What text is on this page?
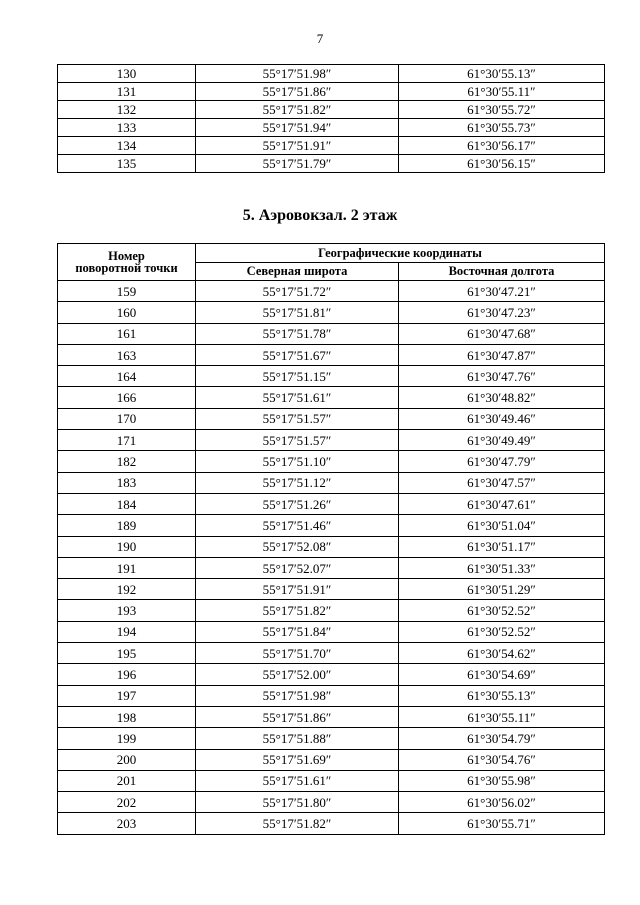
7
130	55°17′51.98″	61°30′55.13″
131	55°17′51.86″	61°30′55.11″
132	55°17′51.82″	61°30′55.72″
133	55°17′51.94″	61°30′55.73″
134	55°17′51.91″	61°30′56.17″
135	55°17′51.79″	61°30′56.15″
5. Аэровокзал. 2 этаж
Номер
поворотной точки	Географические координаты	
	Северная широта	Восточная долгота
159	55°17′51.72″	61°30′47.21″
160	55°17′51.81″	61°30′47.23″
161	55°17′51.78″	61°30′47.68″
163	55°17′51.67″	61°30′47.87″
164	55°17′51.15″	61°30′47.76″
166	55°17′51.61″	61°30′48.82″
170	55°17′51.57″	61°30′49.46″
171	55°17′51.57″	61°30′49.49″
182	55°17′51.10″	61°30′47.79″
183	55°17′51.12″	61°30′47.57″
184	55°17′51.26″	61°30′47.61″
189	55°17′51.46″	61°30′51.04″
190	55°17′52.08″	61°30′51.17″
191	55°17′52.07″	61°30′51.33″
192	55°17′51.91″	61°30′51.29″
193	55°17′51.82″	61°30′52.52″
194	55°17′51.84″	61°30′52.52″
195	55°17′51.70″	61°30′54.62″
196	55°17′52.00″	61°30′54.69″
197	55°17′51.98″	61°30′55.13″
198	55°17′51.86″	61°30′55.11″
199	55°17′51.88″	61°30′54.79″
200	55°17′51.69″	61°30′54.76″
201	55°17′51.61″	61°30′55.98″
202	55°17′51.80″	61°30′56.02″
203	55°17′51.82″	61°30′55.71″
